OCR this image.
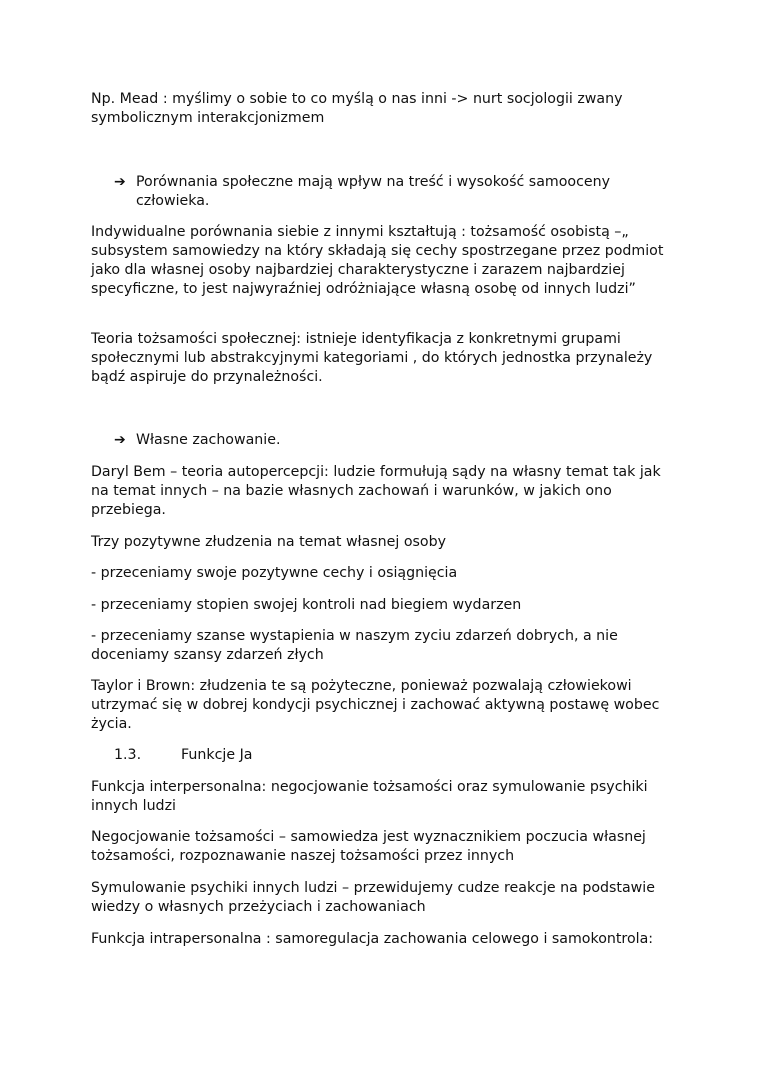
Np. Mead : myślimy o sobie to co myślą o nas inni -> nurt socjologii zwany symbolicznym interakcjonizmem

➔ Porównania społeczne mają wpływ na treść i wysokość samooceny człowieka.

Indywidualne porównania siebie z innymi kształtują : tożsamość osobistą –„ subsystem samowiedzy na który składają się cechy spostrzegane przez podmiot jako dla własnej osoby najbardziej charakterystyczne i zarazem najbardziej specyficzne, to jest najwyraźniej odróżniające własną osobę od innych ludzi”

Teoria tożsamości społecznej: istnieje identyfikacja z konkretnymi grupami społecznymi lub abstrakcyjnymi kategoriami , do których jednostka przynależy bądź aspiruje do przynależności.

➔ Własne zachowanie.

Daryl Bem – teoria autopercepcji: ludzie formułują sądy na własny temat tak jak na temat innych – na bazie własnych zachowań i warunków, w jakich ono przebiega.

Trzy pozytywne złudzenia na temat własnej osoby

- przeceniamy swoje pozytywne cechy i osiągnięcia

- przeceniamy stopien swojej kontroli nad biegiem wydarzen

- przeceniamy szanse wystapienia w naszym zyciu zdarzeń dobrych, a nie doceniamy szansy zdarzeń złych

Taylor i Brown: złudzenia te są pożyteczne, ponieważ pozwalają człowiekowi utrzymać się w dobrej kondycji psychicznej i zachować aktywną postawę wobec życia.

1.3.	Funkcje Ja

Funkcja interpersonalna: negocjowanie tożsamości oraz symulowanie psychiki innych ludzi

Negocjowanie tożsamości – samowiedza jest wyznacznikiem poczucia własnej tożsamości, rozpoznawanie naszej tożsamości przez innych

Symulowanie psychiki innych ludzi – przewidujemy cudze reakcje na podstawie wiedzy o własnych przeżyciach i zachowaniach

Funkcja intrapersonalna : samoregulacja zachowania celowego i samokontrola:
